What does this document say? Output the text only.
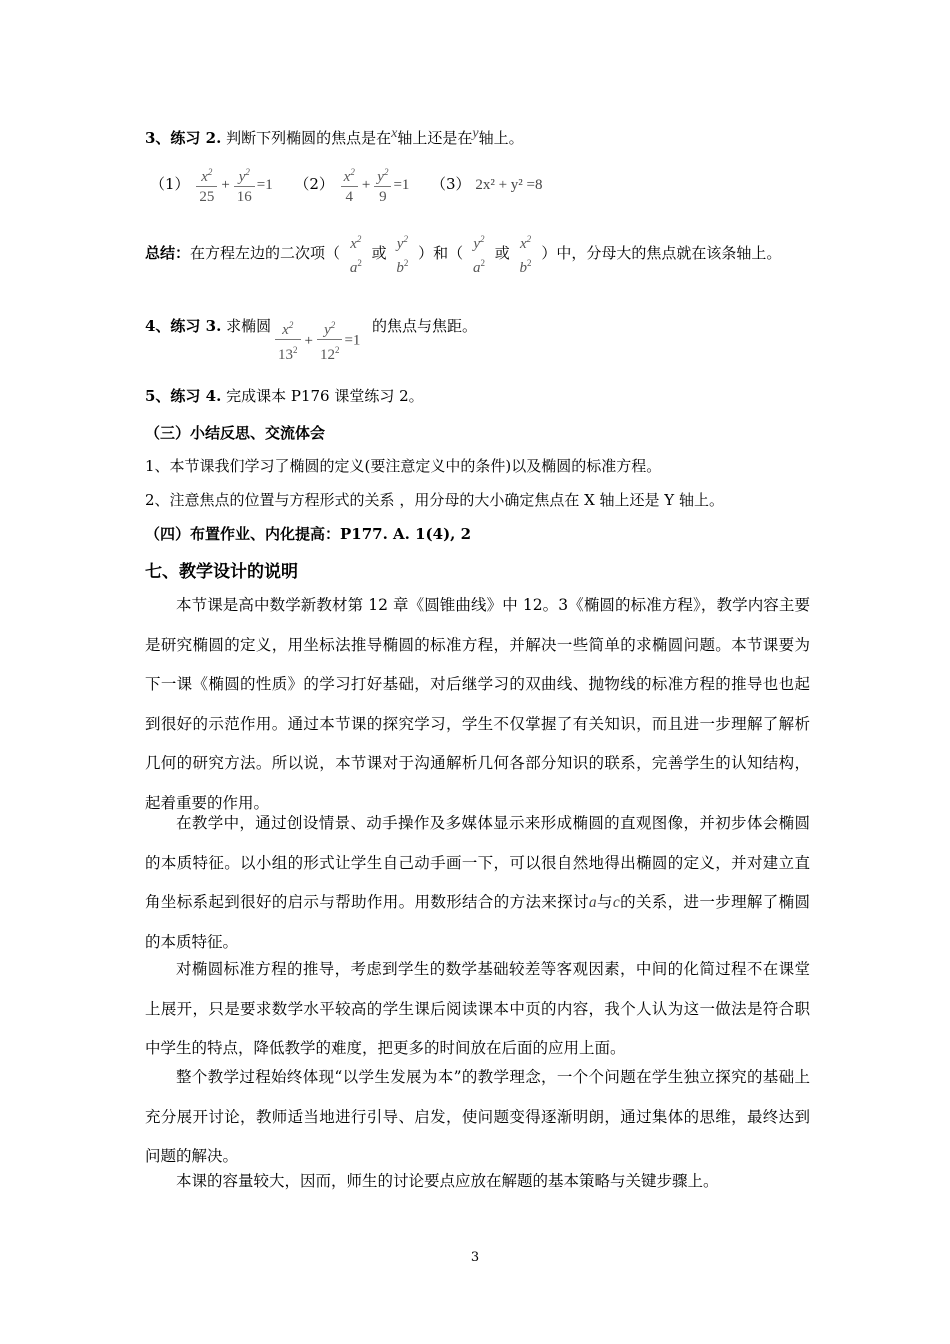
3、练习 2. 判断下列椭圆的焦点是在x轴上还是在y轴上。
$(1) \frac{x^2}{25} + \frac{y^2}{16} =1$ $(2) \frac{x^2}{4} + \frac{y^2}{9} =1$ （3） 2x² + y² =8
总结：在方程左边的二次项（ $x^2$
$a^2$
或 $y^2$
$b^2$
）和（ $y^2$
$a^2$
或 $x^2$
$b^2$
）中，分母大的焦点就在该条轴上。
4、练习 3. 求椭圆 $\frac{x^2}{13^2} + \frac{y^2}{12^2} =1$
的焦点与焦距。
5、练习 4. 完成课本 P176 课堂练习 2。
（三）小结反思、交流体会
1、本节课我们学习了椭圆的定义(要注意定义中的条件)以及椭圆的标准方程。
2、注意焦点的位置与方程形式的关系 ，用分母的大小确定焦点在 X 轴上还是 Y 轴上。
（四）布置作业、内化提高：P177. A. 1(4), 2
七、教学设计的说明
本节课是高中数学新教材第 12 章《圆锥曲线》中 12。3《椭圆的标准方程》，教学内容主要是研究椭圆的定义，用坐标法推导椭圆的标准方程，并解决一些简单的求椭圆问题。本节课要为下一课《椭圆的性质》的学习打好基础，对后继学习的双曲线、抛物线的标准方程的推导也也起到很好的示范作用。通过本节课的探究学习，学生不仅掌握了有关知识，而且进一步理解了解析几何的研究方法。所以说，本节课对于沟通解析几何各部分知识的联系，完善学生的认知结构，起着重要的作用。
在教学中，通过创设情景、动手操作及多媒体显示来形成椭圆的直观图像，并初步体会椭圆的本质特征。以小组的形式让学生自己动手画一下，可以很自然地得出椭圆的定义，并对建立直角坐标系起到很好的启示与帮助作用。用数形结合的方法来探讨a与c的关系，进一步理解了椭圆的本质特征。
对椭圆标准方程的推导，考虑到学生的数学基础较差等客观因素，中间的化简过程不在课堂上展开，只是要求数学水平较高的学生课后阅读课本中页的内容，我个人认为这一做法是符合职中学生的特点，降低教学的难度，把更多的时间放在后面的应用上面。
整个教学过程始终体现“以学生发展为本”的教学理念，一个个问题在学生独立探究的基础上充分展开讨论，教师适当地进行引导、启发，使问题变得逐渐明朗，通过集体的思维，最终达到问题的解决。
本课的容量较大，因而，师生的讨论要点应放在解题的基本策略与关键步骤上。
3
